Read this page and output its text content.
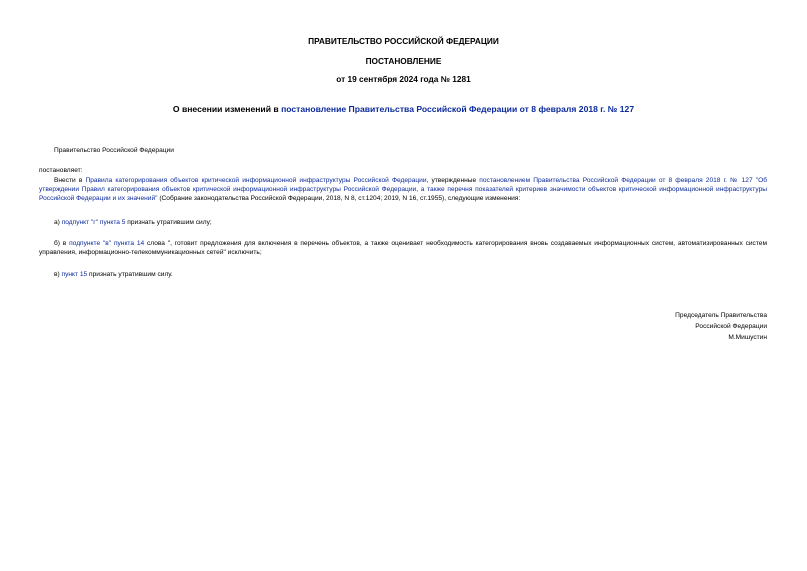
ПРАВИТЕЛЬСТВО РОССИЙСКОЙ ФЕДЕРАЦИИ
ПОСТАНОВЛЕНИЕ
от 19 сентября 2024 года № 1281
О внесении изменений в постановление Правительства Российской Федерации от 8 февраля 2018 г. № 127
Правительство Российской Федерации
постановляет:
Внести в Правила категорирования объектов критической информационной инфраструктуры Российской Федерации, утвержденные постановлением Правительства Российской Федерации от 8 февраля 2018 г. № 127 "Об утверждении Правил категорирования объектов критической информационной инфраструктуры Российской Федерации, а также перечня показателей критериев значимости объектов критической информационной инфраструктуры Российской Федерации и их значений" (Собрание законодательства Российской Федерации, 2018, N 8, ст.1204; 2019, N 16, ст.1955), следующие изменения:
а) подпункт "г" пункта 5 признать утратившим силу;
б) в подпункте "в" пункта 14 слова ", готовит предложения для включения в перечень объектов, а также оценивает необходимость категорирования вновь создаваемых информационных систем, автоматизированных систем управления, информационно-телекоммуникационных сетей" исключить;
в) пункт 15 признать утратившим силу.
Председатель Правительства
Российской Федерации
М.Мишустин
